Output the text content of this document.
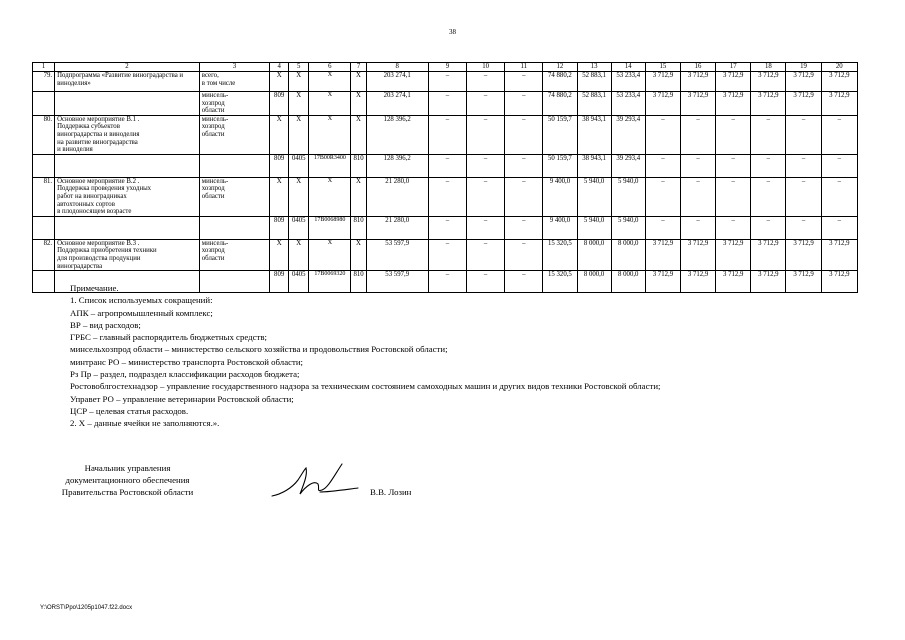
38
1	2	3	4	5	6	7	8	9	10	11	12	13	14	15	16	17	18	19	20
79.	Подпрограмма «Развитие виноградарства и виноделия»	всего,
в том числе	Х	Х	Х	Х	203 274,1	–	–	–	74 880,2	52 883,1	53 233,4	3 712,9	3 712,9	3 712,9	3 712,9	3 712,9	3 712,9
		минсель-
хозпрод
области	809	Х	Х	Х	203 274,1	–	–	–	74 880,2	52 883,1	53 233,4	3 712,9	3 712,9	3 712,9	3 712,9	3 712,9	3 712,9
80.	Основное мероприятие В.1 .
Поддержка субъектов
виноградарства и виноделия
на развитие виноградарства
и виноделия	минсель-
хозпрод
области	Х	Х	Х	Х	128 396,2	–	–	–	50 159,7	38 943,1	39 293,4	–	–	–	–	–	–
			809	0405	17В00R3400	810	128 396,2	–	–	–	50 159,7	38 943,1	39 293,4	–	–	–	–	–	–
81.	Основное мероприятие В.2 .
Поддержка проведения уходных
работ на виноградниках
автохтонных сортов
в плодоносящем возрасте	минсель-
хозпрод
области	Х	Х	Х	Х	21 280,0	–	–	–	9 400,0	5 940,0	5 940,0	–	–	–	–	–	–
			809	0405	17В0068980	810	21 280,0	–	–	–	9 400,0	5 940,0	5 940,0	–	–	–	–	–	–
82.	Основное мероприятие В.3 .
Поддержка приобретения техники
для производства продукции
виноградарства	минсель-
хозпрод
области	Х	Х	Х	Х	53 597,9	–	–	–	15 320,5	8 000,0	8 000,0	3 712,9	3 712,9	3 712,9	3 712,9	3 712,9	3 712,9
			809	0405	17В0069320	810	53 597,9	–	–	–	15 320,5	8 000,0	8 000,0	3 712,9	3 712,9	3 712,9	3 712,9	3 712,9	3 712,9
Примечание.
1. Список используемых сокращений:
АПК – агропромышленный комплекс;
ВР – вид расходов;
ГРБС – главный распорядитель бюджетных средств;
минсельхозпрод области – министерство сельского хозяйства и продовольствия Ростовской области;
минтранс РО – министерство транспорта Ростовской области;
Рз Пр – раздел, подраздел классификации расходов бюджета;
Ростовоблгостехнадзор – управление государственного надзора за техническим состоянием самоходных машин и других видов техники Ростовской области;
Управет РО – управление ветеринарии Ростовской области;
ЦСР – целевая статья расходов.
2. Х – данные ячейки не заполняются.».
Начальник управления
документационного обеспечения
Правительства Ростовской области	В.В. Лозин
Y:\ORST\Ppo\1205p1047.f22.docx
